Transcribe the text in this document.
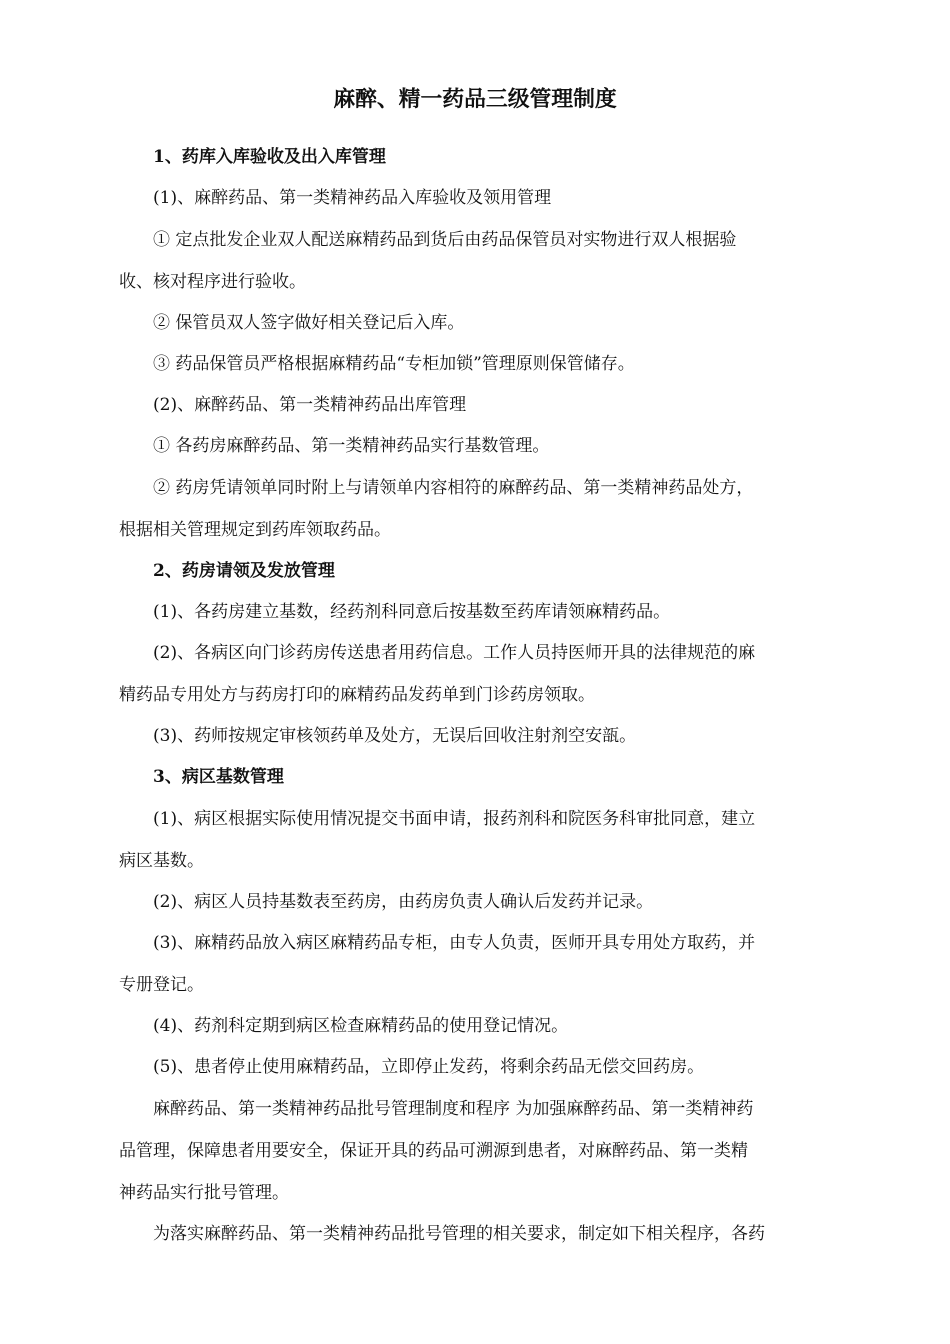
麻醉、精一药品三级管理制度
1、药库入库验收及出入库管理
(1)、麻醉药品、第一类精神药品入库验收及领用管理
① 定点批发企业双人配送麻精药品到货后由药品保管员对实物进行双人根据验
收、核对程序进行验收。
② 保管员双人签字做好相关登记后入库。
③ 药品保管员严格根据麻精药品“专柜加锁”管理原则保管储存。
(2)、麻醉药品、第一类精神药品出库管理
① 各药房麻醉药品、第一类精神药品实行基数管理。
② 药房凭请领单同时附上与请领单内容相符的麻醉药品、第一类精神药品处方，
根据相关管理规定到药库领取药品。
2、药房请领及发放管理
(1)、各药房建立基数，经药剂科同意后按基数至药库请领麻精药品。
(2)、各病区向门诊药房传送患者用药信息。工作人员持医师开具的法律规范的麻
精药品专用处方与药房打印的麻精药品发药单到门诊药房领取。
(3)、药师按规定审核领药单及处方，无误后回收注射剂空安瓿。
3、病区基数管理
(1)、病区根据实际使用情况提交书面申请，报药剂科和院医务科审批同意，建立
病区基数。
(2)、病区人员持基数表至药房，由药房负责人确认后发药并记录。
(3)、麻精药品放入病区麻精药品专柜，由专人负责，医师开具专用处方取药，并
专册登记。
(4)、药剂科定期到病区检查麻精药品的使用登记情况。
(5)、患者停止使用麻精药品，立即停止发药，将剩余药品无偿交回药房。
麻醉药品、第一类精神药品批号管理制度和程序 为加强麻醉药品、第一类精神药
品管理，保障患者用要安全，保证开具的药品可溯源到患者，对麻醉药品、第一类精
神药品实行批号管理。
为落实麻醉药品、第一类精神药品批号管理的相关要求，制定如下相关程序，各药
